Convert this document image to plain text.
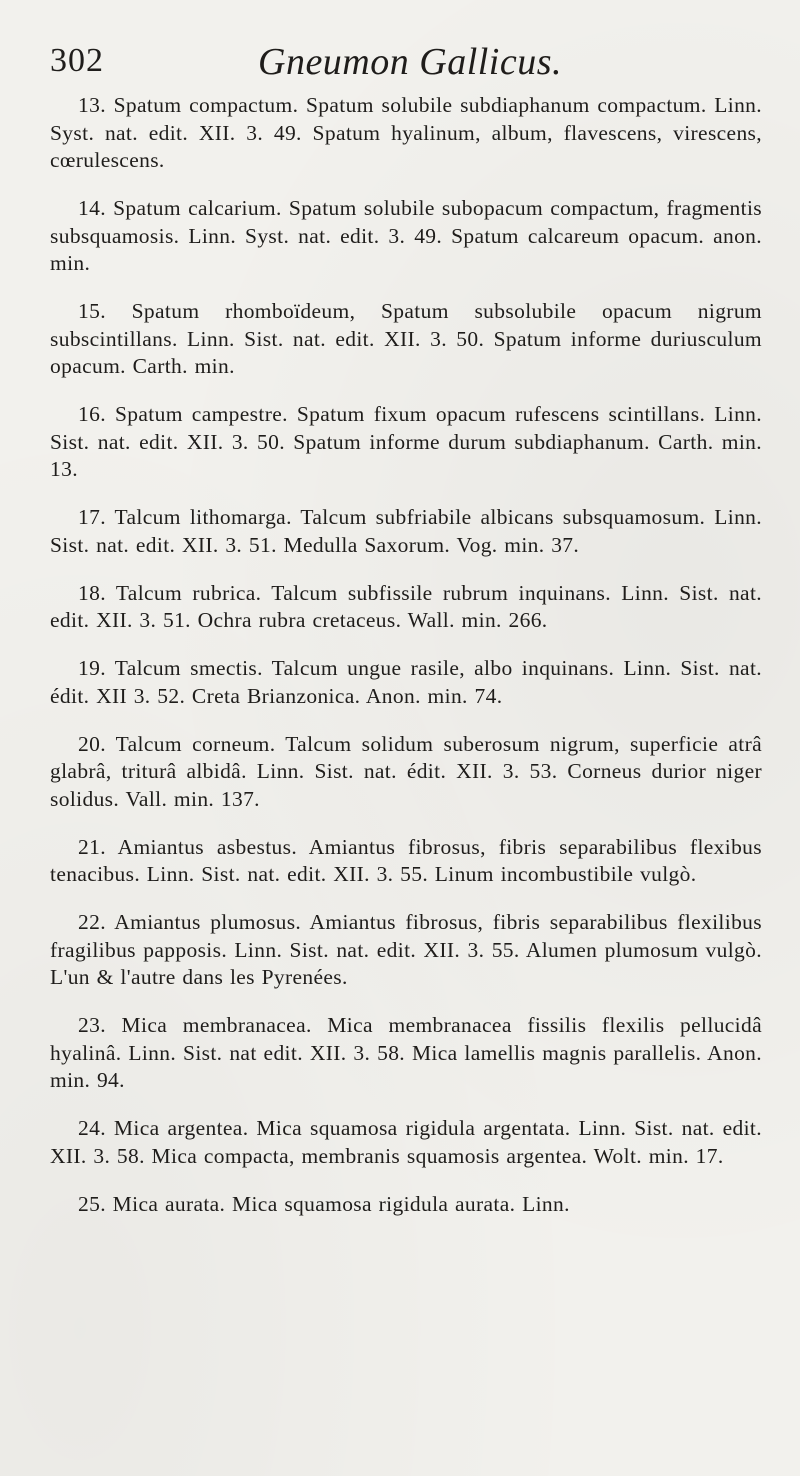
302	Gneumon Gallicus.

13. Spatum compactum. Spatum solubile subdiaphanum compactum. Linn. Syst. nat. edit. XII. 3. 49. Spatum hyalinum, album, flavescens, virescens, cœrulescens.

14. Spatum calcarium. Spatum solubile subopacum compactum, fragmentis subsquamosis. Linn. Syst. nat. edit. 3. 49. Spatum calcareum opacum. anon. min.

15. Spatum rhomboïdeum, Spatum subsolubile opacum nigrum subscintillans. Linn. Sist. nat. edit. XII. 3. 50. Spatum informe duriusculum opacum. Carth. min.

16. Spatum campestre. Spatum fixum opacum rufescens scintillans. Linn. Sist. nat. edit. XII. 3. 50. Spatum informe durum subdiaphanum. Carth. min. 13.

17. Talcum lithomarga. Talcum subfriabile albicans subsquamosum. Linn. Sist. nat. edit. XII. 3. 51. Medulla Saxorum. Vog. min. 37.

18. Talcum rubrica. Talcum subfissile rubrum inquinans. Linn. Sist. nat. edit. XII. 3. 51. Ochra rubra cretaceus. Wall. min. 266.

19. Talcum smectis. Talcum ungue rasile, albo inquinans. Linn. Sist. nat. édit. XII 3. 52. Creta Brianzonica. Anon. min. 74.

20. Talcum corneum. Talcum solidum suberosum nigrum, superficie atrâ glabrâ, triturâ albidâ. Linn. Sist. nat. édit. XII. 3. 53. Corneus durior niger solidus. Vall. min. 137.

21. Amiantus asbestus. Amiantus fibrosus, fibris separabilibus flexibus tenacibus. Linn. Sist. nat. edit. XII. 3. 55. Linum incombustibile vulgò.

22. Amiantus plumosus. Amiantus fibrosus, fibris separabilibus flexilibus fragilibus papposis. Linn. Sist. nat. edit. XII. 3. 55. Alumen plumosum vulgò. L'un & l'autre dans les Pyrenées.

23. Mica membranacea. Mica membranacea fissilis flexilis pellucidâ hyalinâ. Linn. Sist. nat edit. XII. 3. 58. Mica lamellis magnis parallelis. Anon. min. 94.

24. Mica argentea. Mica squamosa rigidula argentata. Linn. Sist. nat. edit. XII. 3. 58. Mica compacta, membranis squamosis argentea. Wolt. min. 17.

25. Mica aurata. Mica squamosa rigidula aurata. Linn.
